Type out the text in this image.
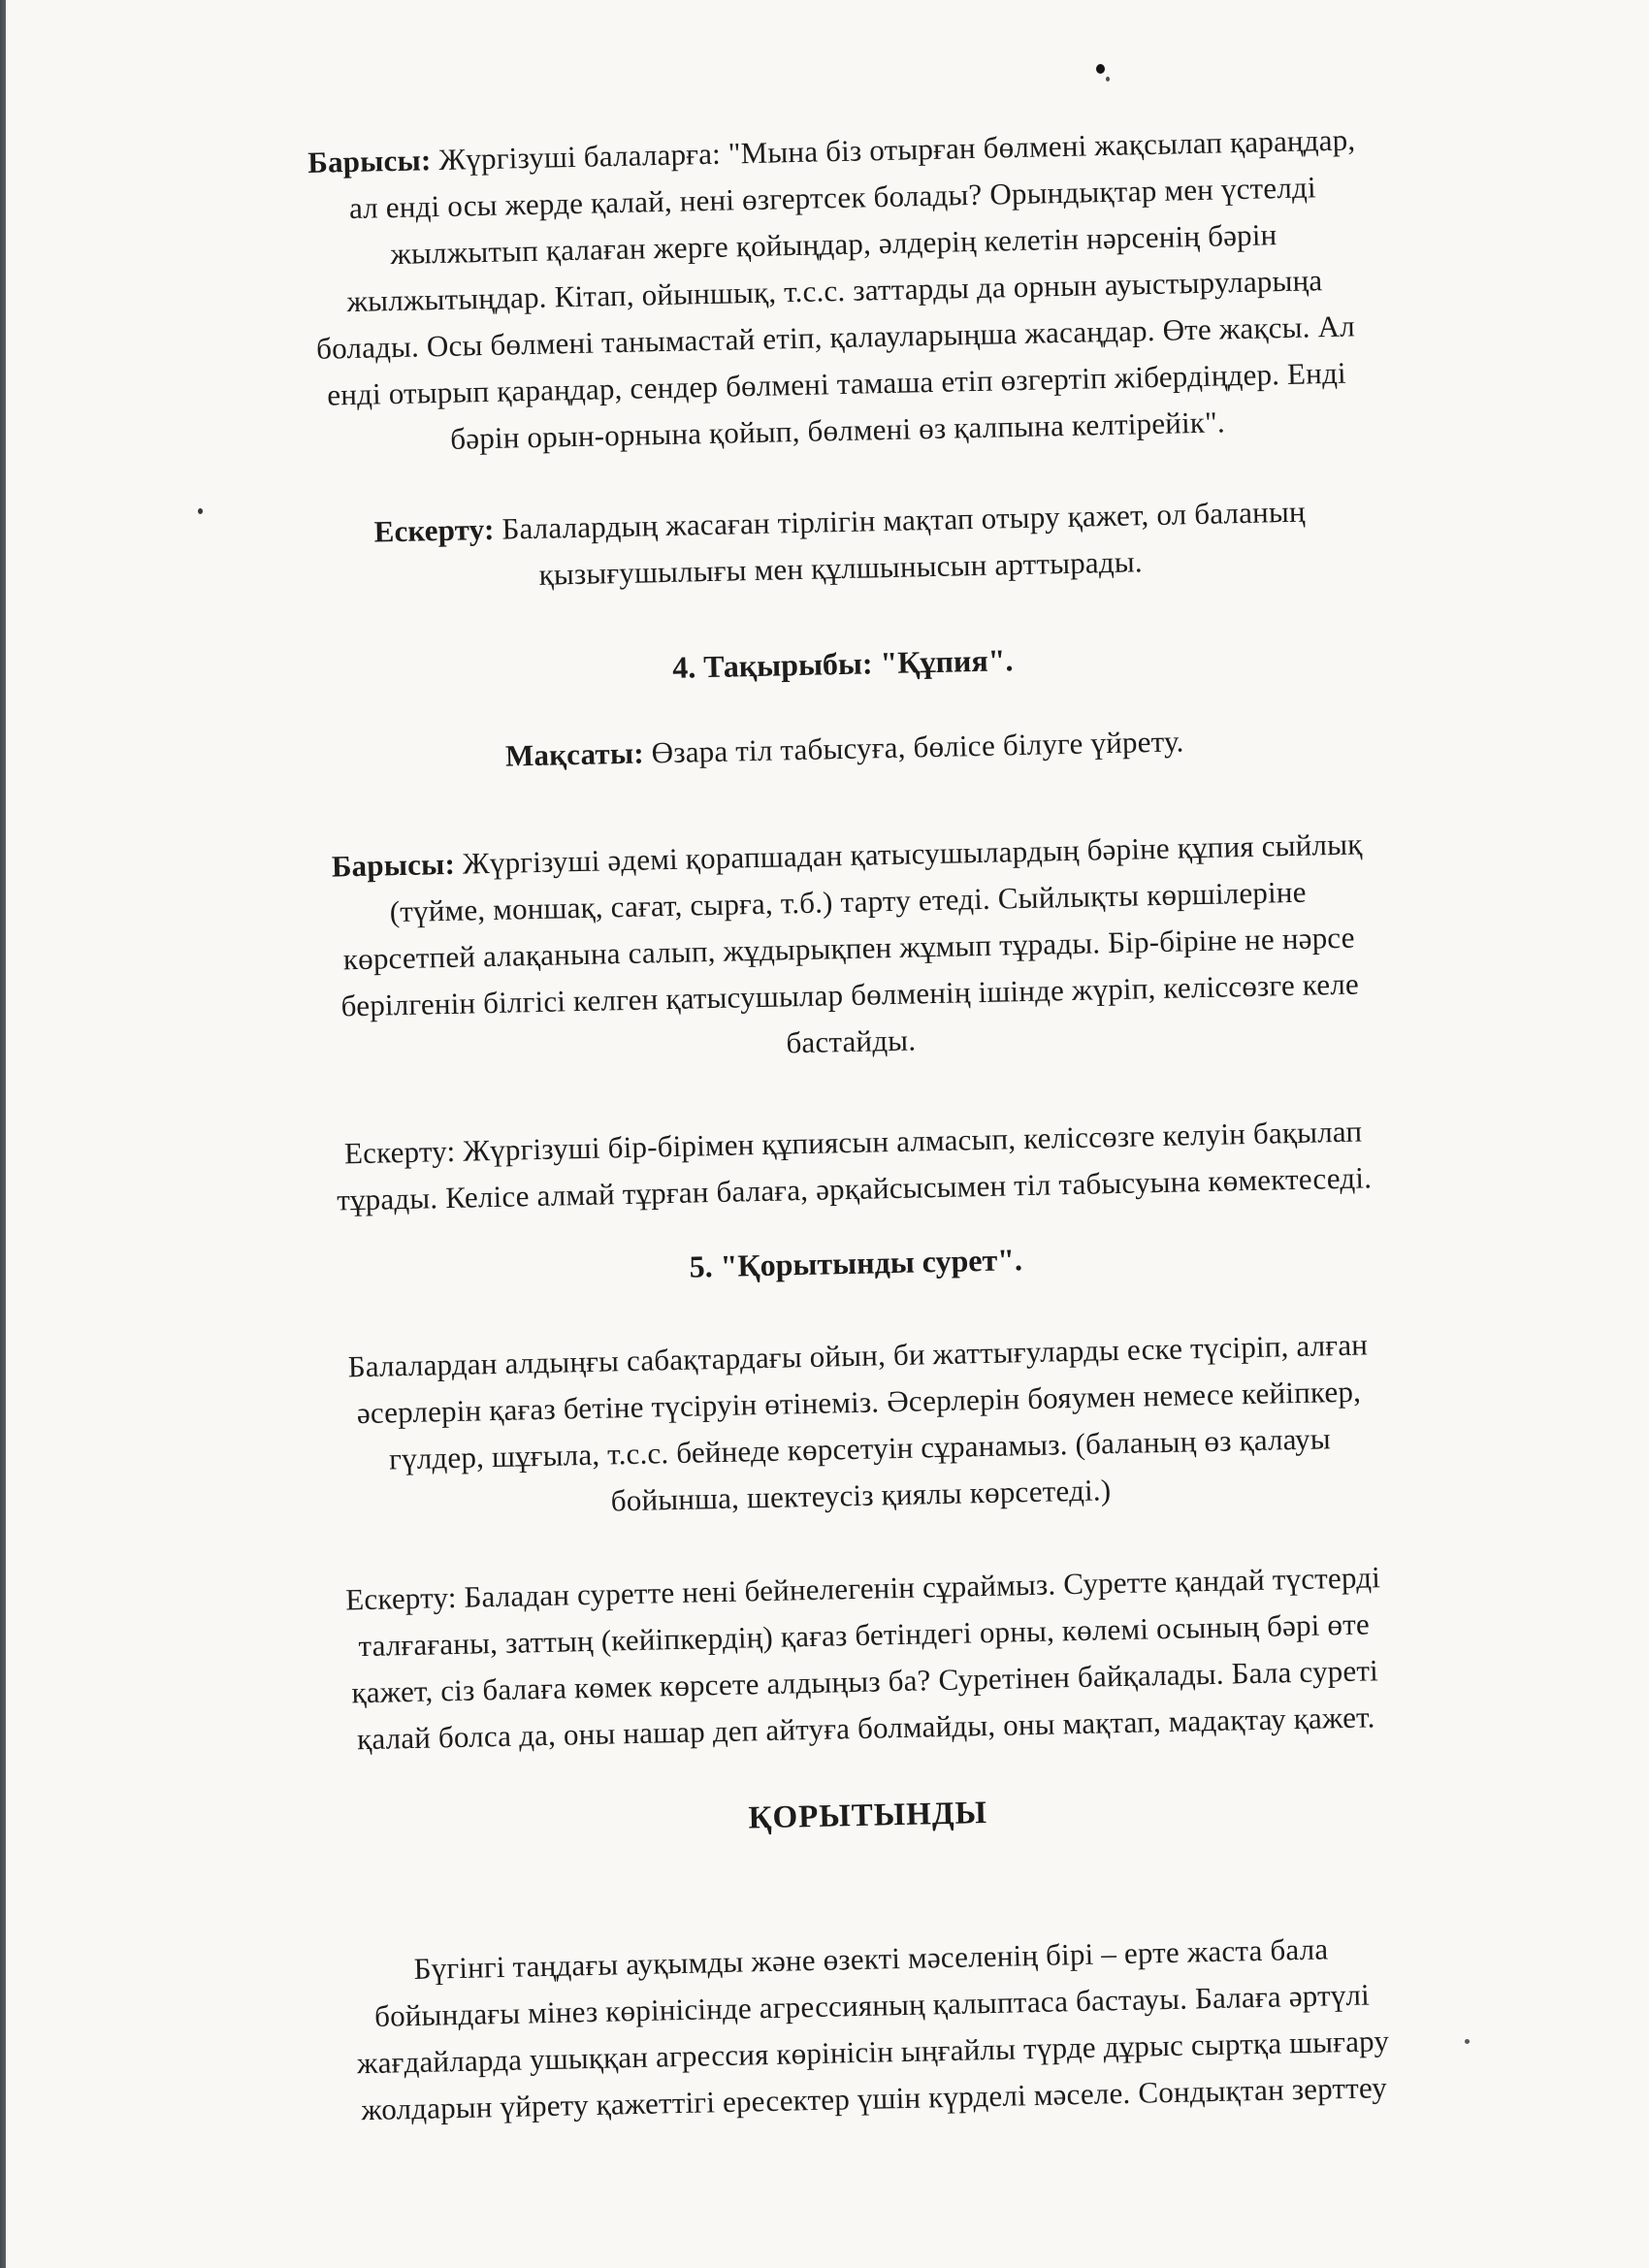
Барысы: Жүргізуші балаларға: "Мына біз отырған бөлмені жақсылап қараңдар,
ал енді осы жерде қалай, нені өзгертсек болады? Орындықтар мен үстелді
жылжытып қалаған жерге қойыңдар, әлдерің келетін нәрсенің бәрін
жылжытыңдар. Кітап, ойыншық, т.с.с. заттарды да орнын ауыстыруларыңа
болады. Осы бөлмені танымастай етіп, қалауларыңша жасаңдар. Өте жақсы. Ал
енді отырып қараңдар, сендер бөлмені тамаша етіп өзгертіп жібердіңдер. Енді
бәрін орын-орнына қойып, бөлмені өз қалпына келтірейік".
Ескерту: Балалардың жасаған тірлігін мақтап отыру қажет, ол баланың
қызығушылығы мен құлшынысын арттырады.
4. Тақырыбы: "Құпия".
Мақсаты: Өзара тіл табысуға, бөлісе білуге үйрету.
Барысы: Жүргізуші әдемі қорапшадан қатысушылардың бәріне құпия сыйлық
(түйме, моншақ, сағат, сырға, т.б.) тарту етеді. Сыйлықты көршілеріне
көрсетпей алақанына салып, жұдырықпен жұмып тұрады. Бір-біріне не нәрсе
берілгенін білгісі келген қатысушылар бөлменің ішінде жүріп, келіссөзге келе
бастайды.
Ескерту: Жүргізуші бір-бірімен құпиясын алмасып, келіссөзге келуін бақылап
тұрады. Келісе алмай тұрған балаға, әрқайсысымен тіл табысуына көмектеседі.
5. "Қорытынды сурет".
Балалардан алдыңғы сабақтардағы ойын, би жаттығуларды еске түсіріп, алған
әсерлерін қағаз бетіне түсіруін өтінеміз. Әсерлерін бояумен немесе кейіпкер,
гүлдер, шұғыла, т.с.с. бейнеде көрсетуін сұранамыз. (баланың өз қалауы
бойынша, шектеусіз қиялы көрсетеді.)
Ескерту: Баладан суретте нені бейнелегенін сұраймыз. Суретте қандай түстерді
талғағаны, заттың (кейіпкердің) қағаз бетіндегі орны, көлемі осының бәрі өте
қажет, сіз балаға көмек көрсете алдыңыз ба? Суретінен байқалады. Бала суреті
қалай болса да, оны нашар деп айтуға болмайды, оны мақтап, мадақтау қажет.
ҚОРЫТЫНДЫ
Бүгінгі таңдағы ауқымды және өзекті мәселенің бірі – ерте жаста бала
бойындағы мінез көрінісінде агрессияның қалыптаса бастауы. Балаға әртүлі
жағдайларда ушыққан агрессия көрінісін ыңғайлы түрде дұрыс сыртқа шығару
жолдарын үйрету қажеттігі ересектер үшін күрделі мәселе. Сондықтан зерттеу
